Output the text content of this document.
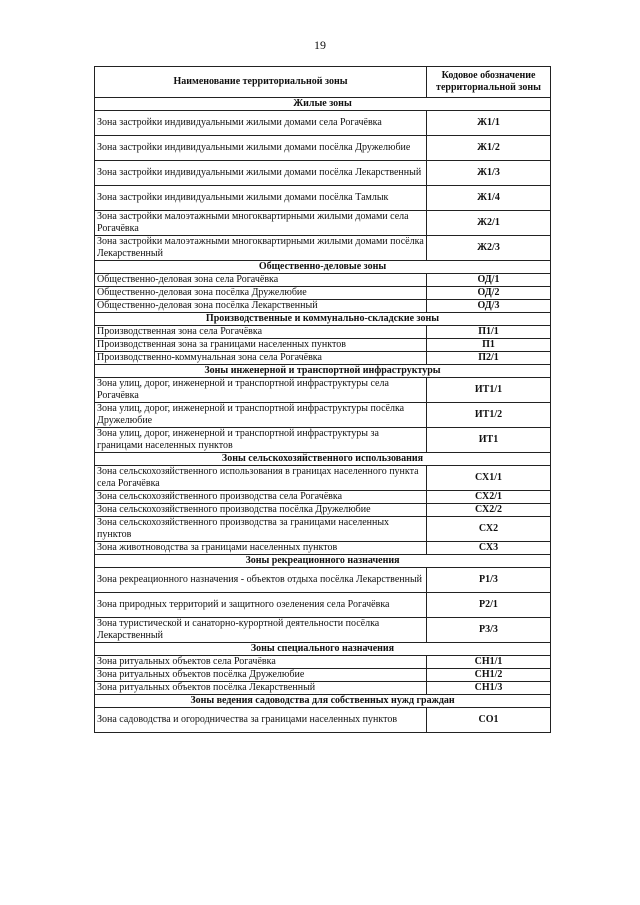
19
Наименование территориальной зоны	Кодовое обозначение территориальной зоны
Жилые зоны	
Зона застройки индивидуальными жилыми домами села Рогачёвка	Ж1/1
Зона застройки индивидуальными жилыми домами посёлка Дружелюбие	Ж1/2
Зона застройки индивидуальными жилыми домами посёлка Лекарственный	Ж1/3
Зона застройки индивидуальными жилыми домами посёлка Тамлык	Ж1/4
Зона застройки малоэтажными многоквартирными жилыми домами села Рогачёвка	Ж2/1
Зона застройки малоэтажными многоквартирными жилыми домами посёлка Лекарственный	Ж2/3
Общественно-деловые зоны	
Общественно-деловая зона села Рогачёвка	ОД/1
Общественно-деловая зона посёлка Дружелюбие	ОД/2
Общественно-деловая зона посёлка Лекарственный	ОД/3
Производственные и коммунально-складские зоны	
Производственная зона села Рогачёвка	П1/1
Производственная зона за границами населенных пунктов	П1
Производственно-коммунальная зона села Рогачёвка	П2/1
Зоны инженерной и транспортной инфраструктуры	
Зона улиц, дорог, инженерной и транспортной инфраструктуры села Рогачёвка	ИТ1/1
Зона улиц, дорог, инженерной и транспортной инфраструктуры посёлка Дружелюбие	ИТ1/2
Зона улиц, дорог, инженерной и транспортной инфраструктуры за границами населенных пунктов	ИТ1
Зоны сельскохозяйственного использования	
Зона сельскохозяйственного использования в границах населенного пункта села Рогачёвка	СХ1/1
Зона сельскохозяйственного производства села Рогачёвка	СХ2/1
Зона сельскохозяйственного производства посёлка Дружелюбие	СХ2/2
Зона сельскохозяйственного производства за границами населенных пунктов	СХ2
Зона животноводства за границами населенных пунктов	СХ3
Зоны рекреационного назначения	
Зона рекреационного назначения - объектов отдыха посёлка Лекарственный	Р1/3
Зона природных территорий и защитного озеленения села Рогачёвка	Р2/1
Зона туристической и санаторно-курортной деятельности посёлка Лекарственный	Р3/3
Зоны специального назначения	
Зона ритуальных объектов села Рогачёвка	СН1/1
Зона ритуальных объектов посёлка Дружелюбие	СН1/2
Зона ритуальных объектов посёлка Лекарственный	СН1/3
Зоны ведения садоводства для собственных нужд граждан	
Зона садоводства и огородничества за границами населенных пунктов	СО1
